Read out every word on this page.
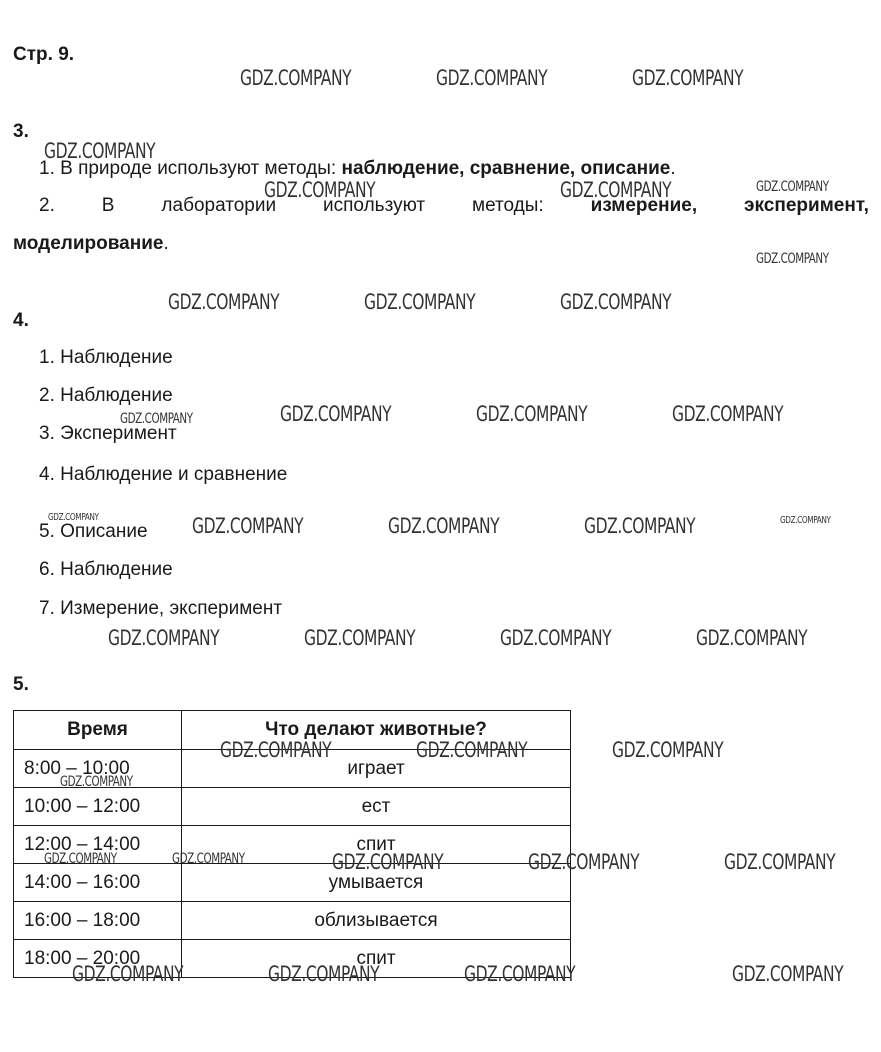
Стр. 9.
3.
1. В природе используют методы: наблюдение, сравнение, описание.
2. В лаборатории используют методы: измерение, эксперимент,
моделирование.
4.
1. Наблюдение
2. Наблюдение
3. Эксперимент
4. Наблюдение и сравнение
5. Описание
6. Наблюдение
7. Измерение, эксперимент
5.
Время	Что делают животные?
8:00 – 10:00	играет
10:00 – 12:00	ест
12:00 – 14:00	спит
14:00 – 16:00	умывается
16:00 – 18:00	облизывается
18:00 – 20:00	спит
GDZ.COMPANY	GDZ.COMPANY	GDZ.COMPANY
GDZ.COMPANY
GDZ.COMPANY	GDZ.COMPANY	GDZ.COMPANY
GDZ.COMPANY
GDZ.COMPANY	GDZ.COMPANY	GDZ.COMPANY
GDZ.COMPANY	GDZ.COMPANY	GDZ.COMPANY	GDZ.COMPANY
GDZ.COMPANY	GDZ.COMPANY	GDZ.COMPANY	GDZ.COMPANY	GDZ.COMPANY
GDZ.COMPANY	GDZ.COMPANY	GDZ.COMPANY	GDZ.COMPANY
GDZ.COMPANY	GDZ.COMPANY	GDZ.COMPANY
GDZ.COMPANY
GDZ.COMPANY	GDZ.COMPANY	GDZ.COMPANY	GDZ.COMPANY	GDZ.COMPANY
GDZ.COMPANY	GDZ.COMPANY	GDZ.COMPANY	GDZ.COMPANY
